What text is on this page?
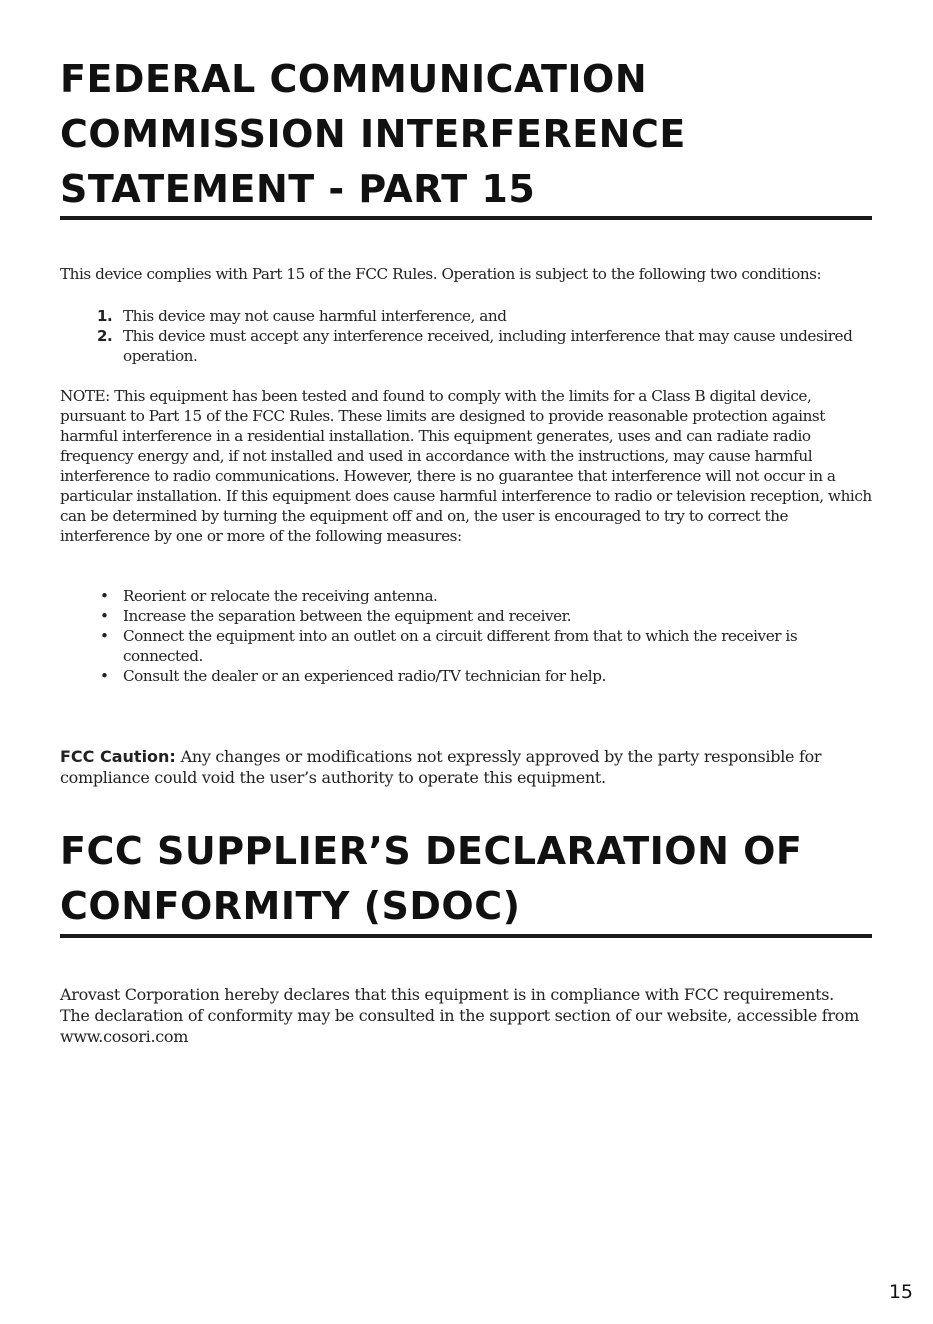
FEDERAL COMMUNICATION
COMMISSION INTERFERENCE
STATEMENT - PART 15

This device complies with Part 15 of the FCC Rules. Operation is subject to the following two conditions:

1. This device may not cause harmful interference, and
2. This device must accept any interference received, including interference that may cause undesired operation.

NOTE: This equipment has been tested and found to comply with the limits for a Class B digital device, pursuant to Part 15 of the FCC Rules. These limits are designed to provide reasonable protection against harmful interference in a residential installation. This equipment generates, uses and can radiate radio frequency energy and, if not installed and used in accordance with the instructions, may cause harmful interference to radio communications. However, there is no guarantee that interference will not occur in a particular installation. If this equipment does cause harmful interference to radio or television reception, which can be determined by turning the equipment off and on, the user is encouraged to try to correct the interference by one or more of the following measures:

• Reorient or relocate the receiving antenna.
• Increase the separation between the equipment and receiver.
• Connect the equipment into an outlet on a circuit different from that to which the receiver is connected.
• Consult the dealer or an experienced radio/TV technician for help.

FCC Caution: Any changes or modifications not expressly approved by the party responsible for compliance could void the user’s authority to operate this equipment.

FCC SUPPLIER’S DECLARATION OF
CONFORMITY (SDOC)

Arovast Corporation hereby declares that this equipment is in compliance with FCC requirements. The declaration of conformity may be consulted in the support section of our website, accessible from www.cosori.com

15
